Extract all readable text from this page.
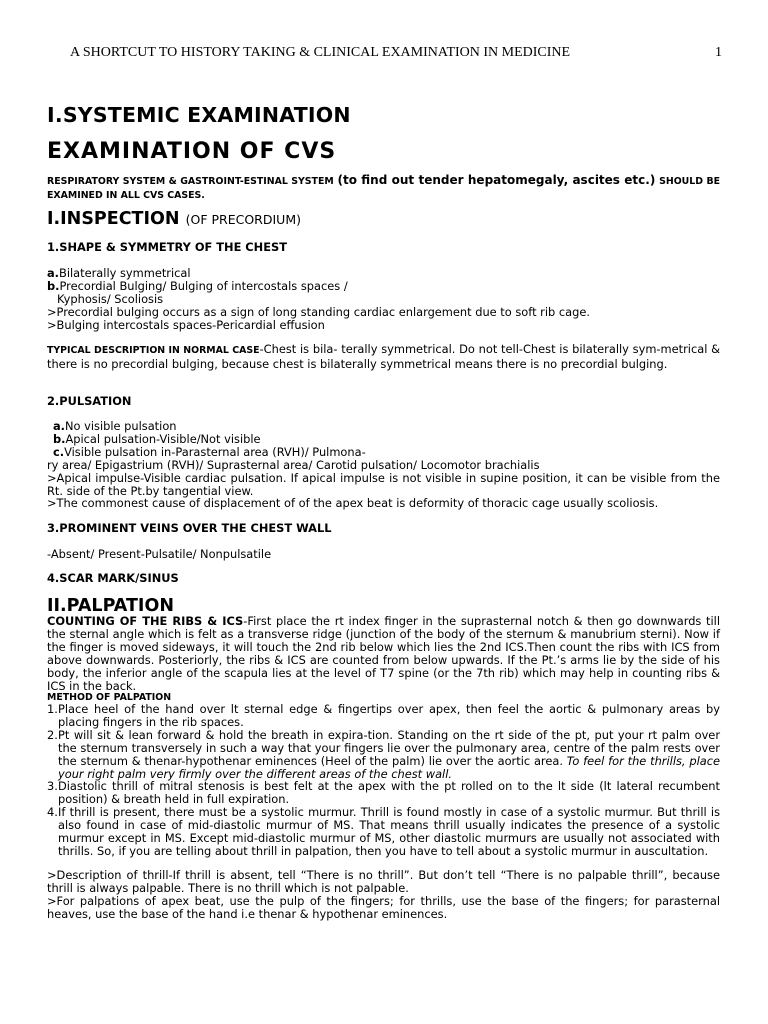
A SHORTCUT TO HISTORY TAKING & CLINICAL EXAMINATION IN MEDICINE	1
I.SYSTEMIC EXAMINATION
EXAMINATION OF CVS
RESPIRATORY SYSTEM & GASTROINT-ESTINAL SYSTEM (to find out tender hepatomegaly, ascites etc.) SHOULD BE EXAMINED IN ALL CVS CASES.
I.INSPECTION (OF PRECORDIUM)
1.SHAPE & SYMMETRY OF THE CHEST

a.Bilaterally symmetrical

b.Precordial Bulging/ Bulging of intercostals spaces /

Kyphosis/ Scoliosis

>Precordial bulging occurs as a sign of long standing cardiac enlargement due to soft rib cage.

>Bulging intercostals spaces-Pericardial effusion

TYPICAL DESCRIPTION IN NORMAL CASE-Chest is bila- terally symmetrical. Do not tell-Chest is bilaterally sym-metrical & there is no precordial bulging, because chest is bilaterally symmetrical means there is no precordial bulging.
2.PULSATION

a.No visible pulsation

b.Apical pulsation-Visible/Not visible

c.Visible pulsation in-Parasternal area (RVH)/ Pulmona-

ry area/ Epigastrium (RVH)/ Suprasternal area/ Carotid pulsation/ Locomotor brachialis

>Apical impulse-Visible cardiac pulsation. If apical impulse is not visible in supine position, it can be visible from the Rt. side of the Pt.by tangential view.

>The commonest cause of displacement of of the apex beat is deformity of thoracic cage usually scoliosis.

3.PROMINENT VEINS OVER THE CHEST WALL
-Absent/ Present-Pulsatile/ Nonpulsatile
4.SCAR MARK/SINUS
II.PALPATION
COUNTING OF THE RIBS & ICS-First place the rt index finger in the suprasternal notch & then go downwards till the sternal angle which is felt as a transverse ridge (junction of the body of the sternum & manubrium sterni). Now if the finger is moved sideways, it will touch the 2nd rib below which lies the 2nd ICS.Then count the ribs with ICS from above downwards. Posteriorly, the ribs & ICS are counted from below upwards. If the Pt.’s arms lie by the side of his body, the inferior angle of the scapula lies at the level of T7 spine (or the 7th rib) which may help in counting ribs & ICS in the back.
METHOD OF PALPATION
1. Place heel of the hand over lt sternal edge & fingertips over apex, then feel the aortic & pulmonary areas by placing fingers in the rib spaces.
2. Pt will sit & lean forward & hold the breath in expira-tion. Standing on the rt side of the pt, put your rt palm over the sternum transversely in such a way that your fingers lie over the pulmonary area, centre of the palm rests over the sternum & thenar-hypothenar eminences (Heel of the palm) lie over the aortic area. To feel for the thrills, place your right palm very firmly over the different areas of the chest wall.
3. Diastolic thrill of mitral stenosis is best felt at the apex with the pt rolled on to the lt side (lt lateral recumbent position) & breath held in full expiration.
4. If thrill is present, there must be a systolic murmur. Thrill is found mostly in case of a systolic murmur. But thrill is also found in case of mid-diastolic murmur of MS. That means thrill usually indicates the presence of a systolic murmur except in MS. Except mid-diastolic murmur of MS, other diastolic murmurs are usually not associated with thrills. So, if you are telling about thrill in palpation, then you have to tell about a systolic murmur in auscultation.
>Description of thrill-If thrill is absent, tell “There is no thrill”. But don’t tell “There is no palpable thrill”, because thrill is always palpable. There is no thrill which is not palpable.
>For palpations of apex beat, use the pulp of the fingers; for thrills, use the base of the fingers; for parasternal heaves, use the base of the hand i.e thenar & hypothenar eminences.
